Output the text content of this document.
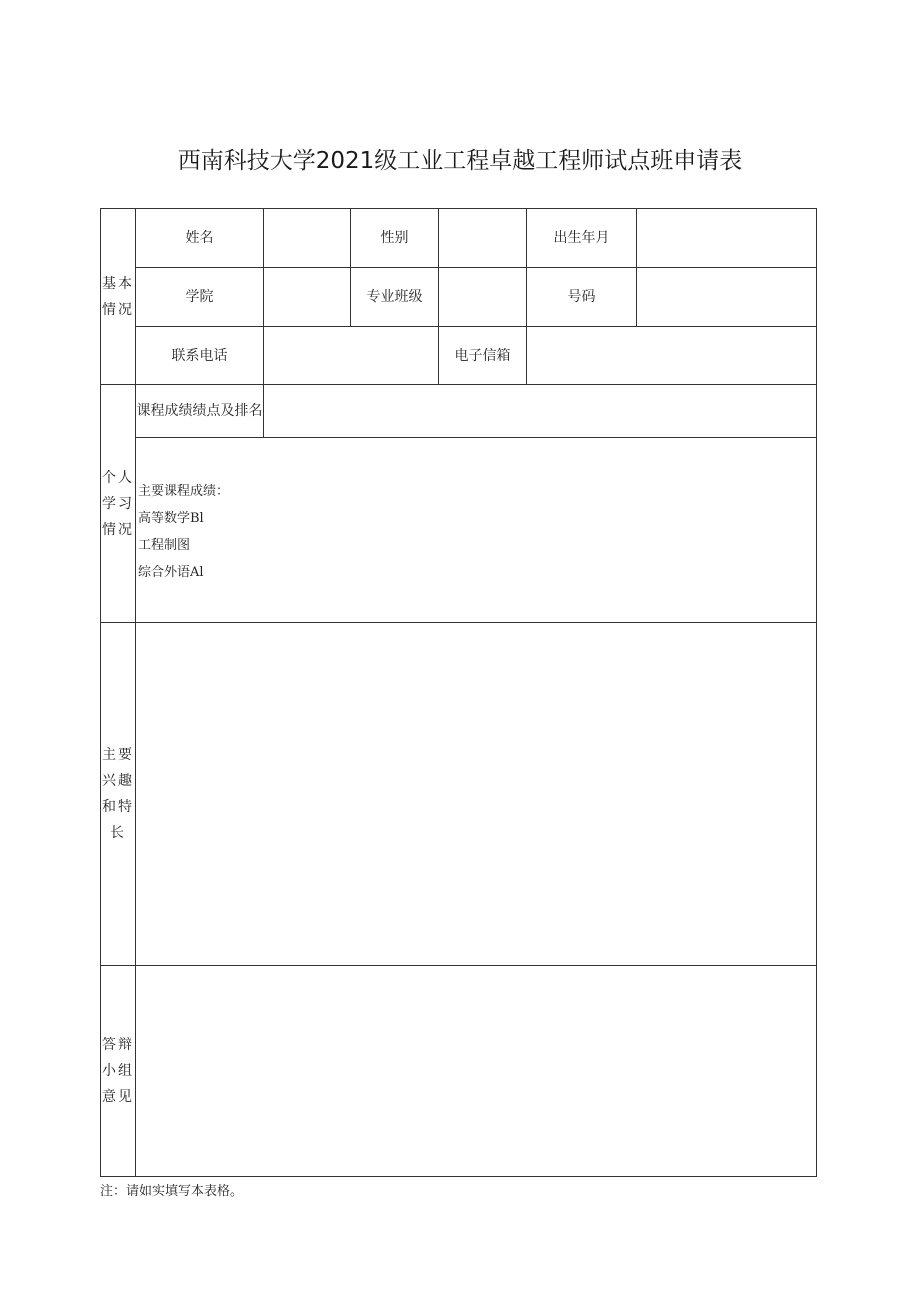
西南科技大学2021级工业工程卓越工程师试点班申请表
基本情况	姓名		性别		出生年月	
	学院		专业班级		号码	
	联系电话			电子信箱		
个人学习情况	课程成绩绩点及排名					

	主要课程成绩：
高等数学Bl
工程制图
综合外语Al					

主要兴趣和特长						
答辩小组意见						
注：请如实填写本表格。
